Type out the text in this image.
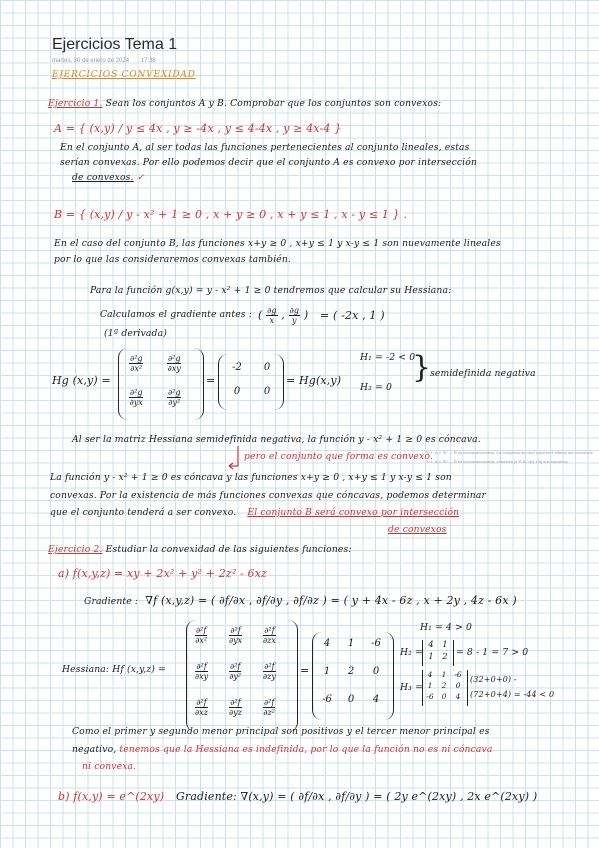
Ejercicios Tema 1
martes, 30 de enero de 2024 17:38
EJERCICIOS CONVEXIDAD
Ejercicio 1. Sean los conjuntos A y B. Comprobar que los conjuntos son convexos:
A = { (x,y) / y ≤ 4x , y ≥ -4x , y ≤ 4-4x , y ≥ 4x-4 }
En el conjunto A, al ser todas las funciones pertenecientes al conjunto lineales, estas
serían convexas. Por ello podemos decir que el conjunto A es convexo por intersección
de convexos. ✓
B = { (x,y) / y - x² + 1 ≥ 0 , x + y ≥ 0 , x + y ≤ 1 , x - y ≤ 1 } .
En el caso del conjunto B, las funciones x+y ≥ 0 , x+y ≤ 1 y x-y ≤ 1 son nuevamente lineales
por lo que las consideraremos convexas también.
Para la función g(x,y) = y - x² + 1 ≥ 0 tendremos que calcular su Hessiana:
Calculamos el gradiente antes : ( $\frac{\partial g}{x}$ , $\frac{\partial g}{y}$ ) = ( -2x , 1 )
(1ª derivada)
Hg (x,y) =
$\frac{\text{∂²g}}{\text{∂x²}}$	$\frac{\text{∂²g}}{\partial xy}$
$\frac{\text{∂²g}}{\partial yx}$	$\frac{\text{∂²g}}{\text{∂y²}}$
=
-2	0
0	0
= Hg(x,y)
H₁ = -2 < 0
H₂ = 0
}
semidefinida negativa
Al ser la matriz Hessiana semidefinida negativa, la función y - x² + 1 ≥ 0 es cóncava.
pero el conjunto que forma es convexo.
Si f : A ⊂ ℝⁿ → ℝ es cóncava/convexa, los conjuntos de nivel superior e inferior son convexos
Si f : A ⊂ ℝⁿ → ℝ es cóncava/convexa, entonces {x ∈ A / f(x) ≥ a} son convexos
La función y - x² + 1 ≥ 0 es cóncava y las funciones x+y ≥ 0 , x+y ≤ 1 y x-y ≤ 1 son
convexas. Por la existencia de más funciones convexas que cóncavas, podemos determinar
que el conjunto tenderá a ser convexo. El conjunto B será convexo por intersección
de convexos
Ejercicio 2. Estudiar la convexidad de las siguientes funciones:
a) f(x,y,z) = xy + 2x² + y² + 2z² - 6xz
Gradiente : ∇f (x,y,z) = ( ∂f/∂x , ∂f/∂y , ∂f/∂z ) = ( y + 4x - 6z , x + 2y , 4z - 6x )
Hessiana: Hf (x,y,z) =
$\frac{\text{∂²f}}{\text{∂x²}}$	$\frac{\text{∂²f}}{\partial yx}$	$\frac{\text{∂²f}}{\partial zx}$
$\frac{\text{∂²f}}{\partial xy}$	$\frac{\text{∂²f}}{\text{∂y²}}$	$\frac{\text{∂²f}}{\partial zy}$
$\frac{\text{∂²f}}{\partial xz}$	$\frac{\text{∂²f}}{\partial yz}$	$\frac{\text{∂²f}}{\text{∂z²}}$
=
4	1	-6
1	2	0
-6	0	4
H₁ = 4 > 0
H₂ =
4	1
1	2 = 8 - 1 = 7 > 0
H₃ =
4	1	-6
1	2	0
-6	0	4
(32+0+0) -
(72+0+4) = -44 < 0
Como el primer y segundo menor principal son positivos y el tercer menor principal es
negativo, tenemos que la Hessiana es indefinida, por lo que la función no es ni cóncava
ni convexa.
b) f(x,y) = e^(2xy) Gradiente: ∇(x,y) = ( ∂f/∂x , ∂f/∂y ) = ( 2y e^(2xy) , 2x e^(2xy) )
